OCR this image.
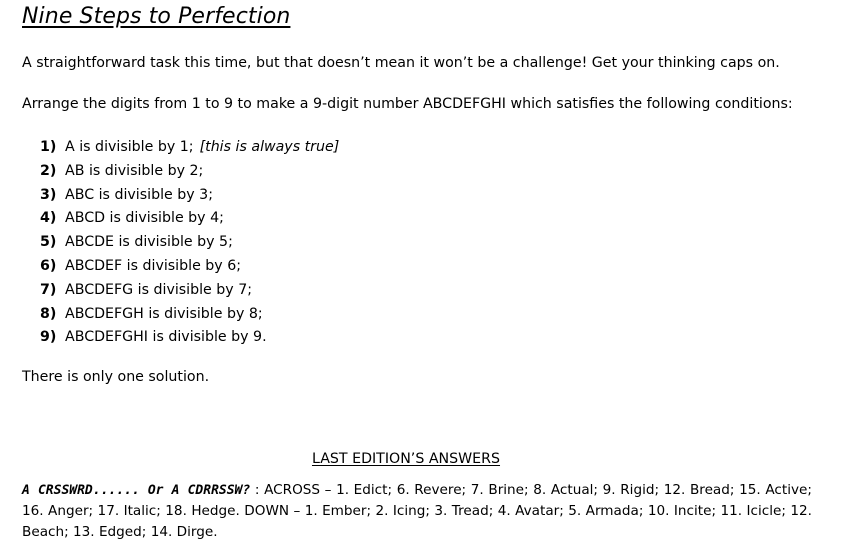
Nine Steps to Perfection
A straightforward task this time, but that doesn’t mean it won’t be a challenge! Get your thinking caps on.
Arrange the digits from 1 to 9 to make a 9-digit number ABCDEFGHI which satisfies the following conditions:
1) A is divisible by 1; [this is always true]
2) AB is divisible by 2;
3) ABC is divisible by 3;
4) ABCD is divisible by 4;
5) ABCDE is divisible by 5;
6) ABCDEF is divisible by 6;
7) ABCDEFG is divisible by 7;
8) ABCDEFGH is divisible by 8;
9) ABCDEFGHI is divisible by 9.
There is only one solution.
LAST EDITION’S ANSWERS
A CRSSWRD...... Or A CDRRSSW? : ACROSS – 1. Edict; 6. Revere; 7. Brine; 8. Actual; 9. Rigid; 12. Bread; 15. Active; 16. Anger; 17. Italic; 18. Hedge. DOWN – 1. Ember; 2. Icing; 3. Tread; 4. Avatar; 5. Armada; 10. Incite; 11. Icicle; 12. Beach; 13. Edged; 14. Dirge.
